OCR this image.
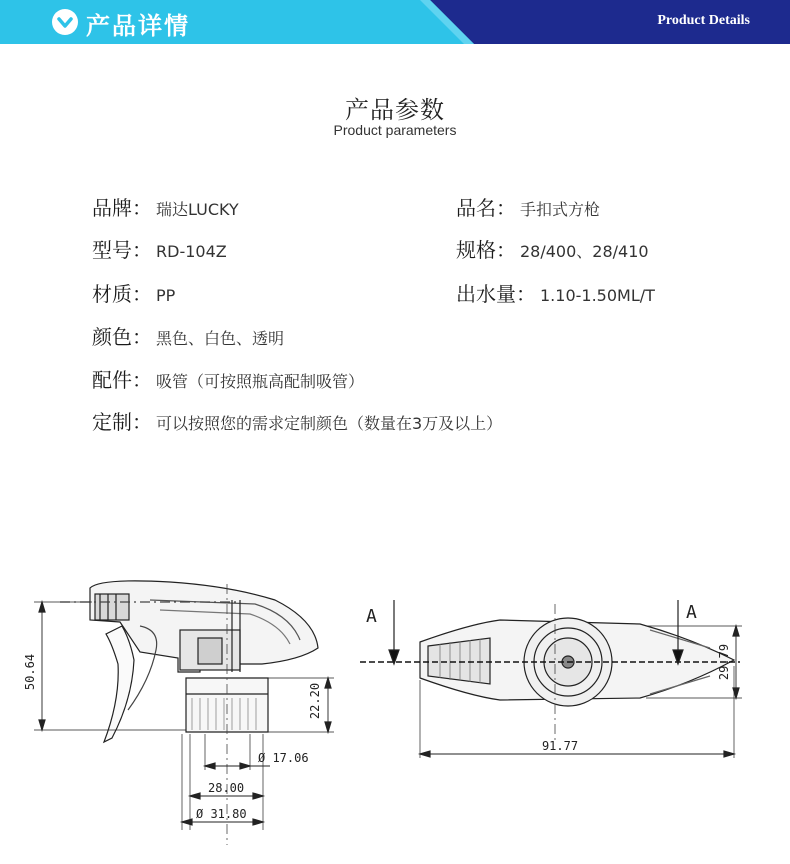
产品详情	Product Details
产品参数
Product parameters
品牌： 瑞达LUCKY	品名： 手扣式方枪
型号： RD-104Z	规格： 28/400、28/410
材质： PP	出水量： 1.10-1.50ML/T
颜色： 黑色、白色、透明
配件： 吸管（可按照瓶高配制吸管）
定制： 可以按照您的需求定制颜色（数量在3万及以上）
50.64
22.20
Ø 17.06
28.00
Ø 31.80
A	A
91.77
29.79
